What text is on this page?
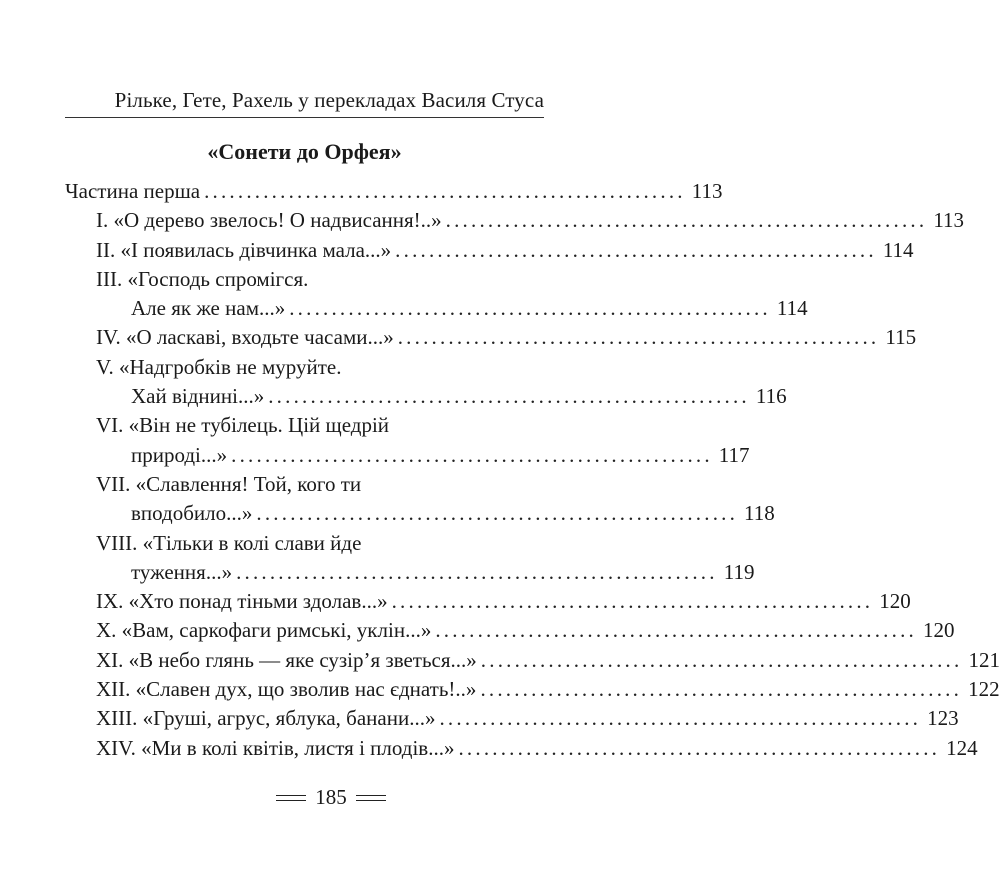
Рільке, Гете, Рахель у перекладах Василя Стуса
«Сонети до Орфея»
Частина перша ......................................................... 113
I. «О дерево звелось! О надвисання!..» ......................................................... 113
II. «І появилась дівчинка мала...» ......................................................... 114
III. «Господь спромігся.
Але як же нам...» ......................................................... 114
IV. «О ласкаві, входьте часами...» ......................................................... 115
V. «Надгробків не муруйте.
Хай віднині...» ......................................................... 116
VI. «Він не тубілець. Цій щедрій
природі...» ......................................................... 117
VII. «Славлення! Той, кого ти
вподобило...» ......................................................... 118
VIII. «Тільки в колі слави йде
туження...» ......................................................... 119
IX. «Хто понад тіньми здолав...» ......................................................... 120
X. «Вам, саркофаги римські, уклін...» ......................................................... 120
XI. «В небо глянь — яке сузір’я зветься...» ......................................................... 121
XII. «Славен дух, що зволив нас єднать!..» ......................................................... 122
XIII. «Груші, агрус, яблука, банани...» ......................................................... 123
XIV. «Ми в колі квітів, листя і плодів...» ......................................................... 124
185
